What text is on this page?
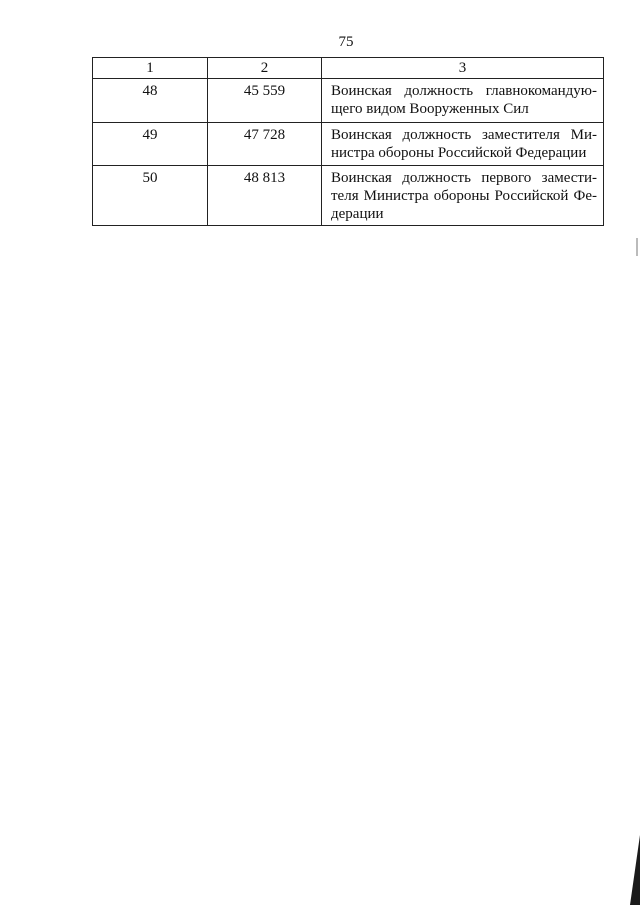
75
1	2	3
48	45 559	Воинская должность главнокомандую-щего видом Вооруженных Сил

49	47 728	Воинская должность заместителя Ми-нистра обороны Российской Федерации

50	48 813	Воинская должность первого замести-теля Министра обороны Российской Фе-дерации
